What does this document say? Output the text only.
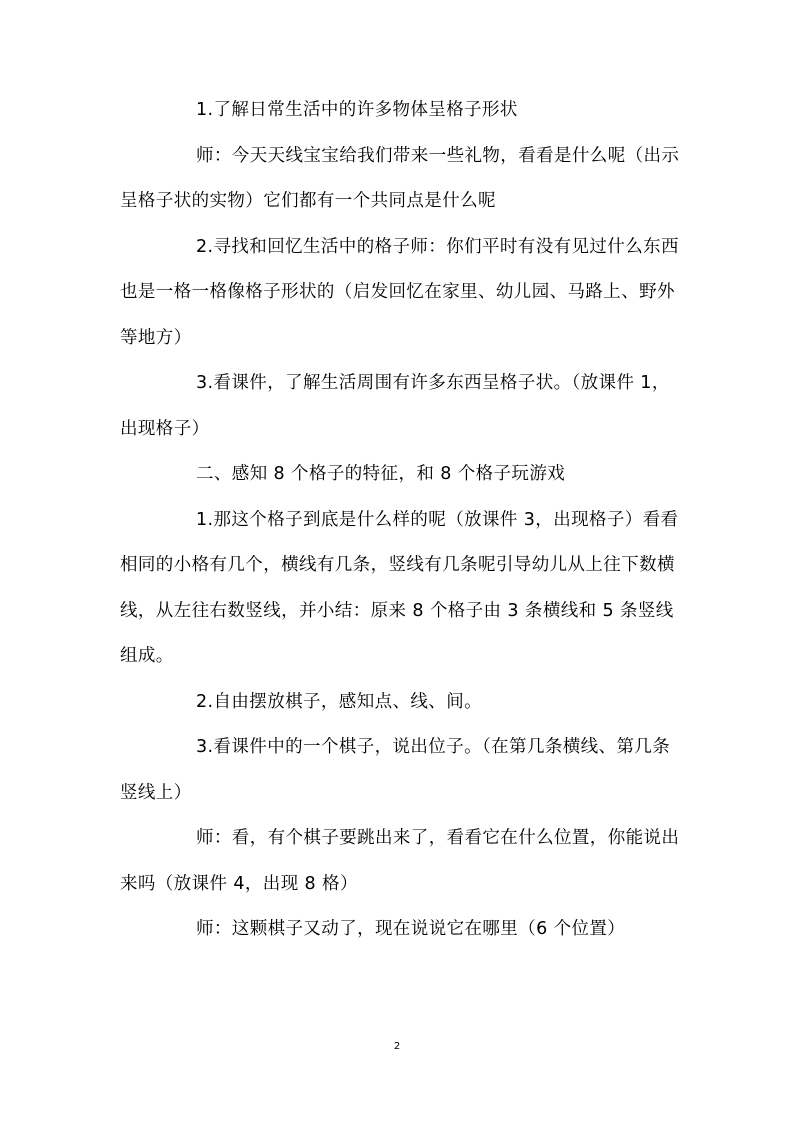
1.了解日常生活中的许多物体呈格子形状

师：今天天线宝宝给我们带来一些礼物，看看是什么呢（出示呈格子状的实物）它们都有一个共同点是什么呢

2.寻找和回忆生活中的格子师：你们平时有没有见过什么东西也是一格一格像格子形状的（启发回忆在家里、幼儿园、马路上、野外等地方）

3.看课件，了解生活周围有许多东西呈格子状。（放课件 1，出现格子）

二、感知 8 个格子的特征，和 8 个格子玩游戏

1.那这个格子到底是什么样的呢（放课件 3，出现格子）看看相同的小格有几个，横线有几条，竖线有几条呢引导幼儿从上往下数横线，从左往右数竖线，并小结：原来 8 个格子由 3 条横线和 5 条竖线组成。

2.自由摆放棋子，感知点、线、间。

3.看课件中的一个棋子，说出位子。（在第几条横线、第几条竖线上）

师：看，有个棋子要跳出来了，看看它在什么位置，你能说出来吗（放课件 4，出现 8 格）

师：这颗棋子又动了，现在说说它在哪里（6 个位置）

2
